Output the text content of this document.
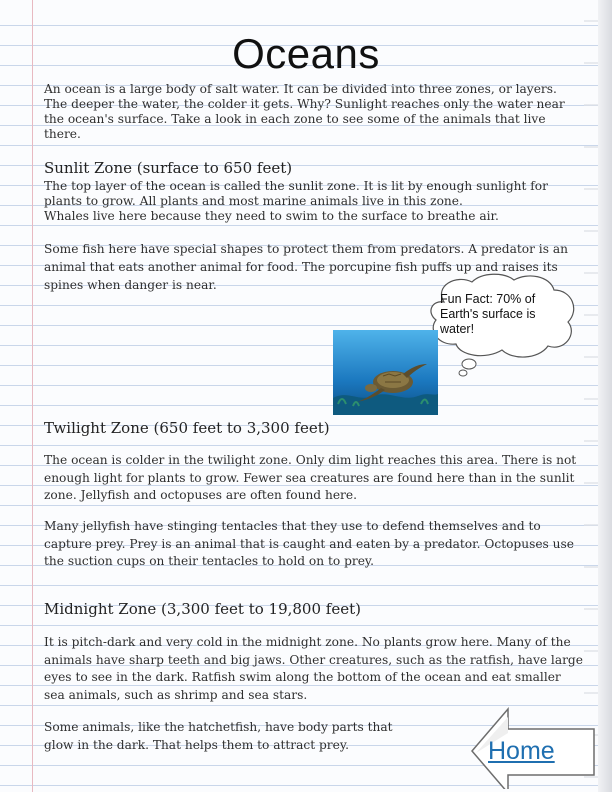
Oceans
An ocean is a large body of salt water. It can be divided into three zones, or layers. The deeper the water, the colder it gets. Why? Sunlight reaches only the water near the ocean's surface. Take a look in each zone to see some of the animals that live there.
Sunlit Zone (surface to 650 feet)
The top layer of the ocean is called the sunlit zone. It is lit by enough sunlight for plants to grow. All plants and most marine animals live in this zone.
Whales live here because they need to swim to the surface to breathe air.
Some fish here have special shapes to protect them from predators. A predator is an animal that eats another animal for food. The porcupine fish puffs up and raises its spines when danger is near.
Fun Fact: 70% of Earth's surface is water!
Twilight Zone (650 feet to 3,300 feet)
The ocean is colder in the twilight zone. Only dim light reaches this area. There is not enough light for plants to grow. Fewer sea creatures are found here than in the sunlit zone. Jellyfish and octopuses are often found here.
Many jellyfish have stinging tentacles that they use to defend themselves and to capture prey. Prey is an animal that is caught and eaten by a predator. Octopuses use the suction cups on their tentacles to hold on to prey.
Midnight Zone (3,300 feet to 19,800 feet)
It is pitch-dark and very cold in the midnight zone. No plants grow here. Many of the animals have sharp teeth and big jaws. Other creatures, such as the ratfish, have large eyes to see in the dark. Ratfish swim along the bottom of the ocean and eat smaller sea animals, such as shrimp and sea stars.
Some animals, like the hatchetfish, have body parts that glow in the dark. That helps them to attract prey.	Home
